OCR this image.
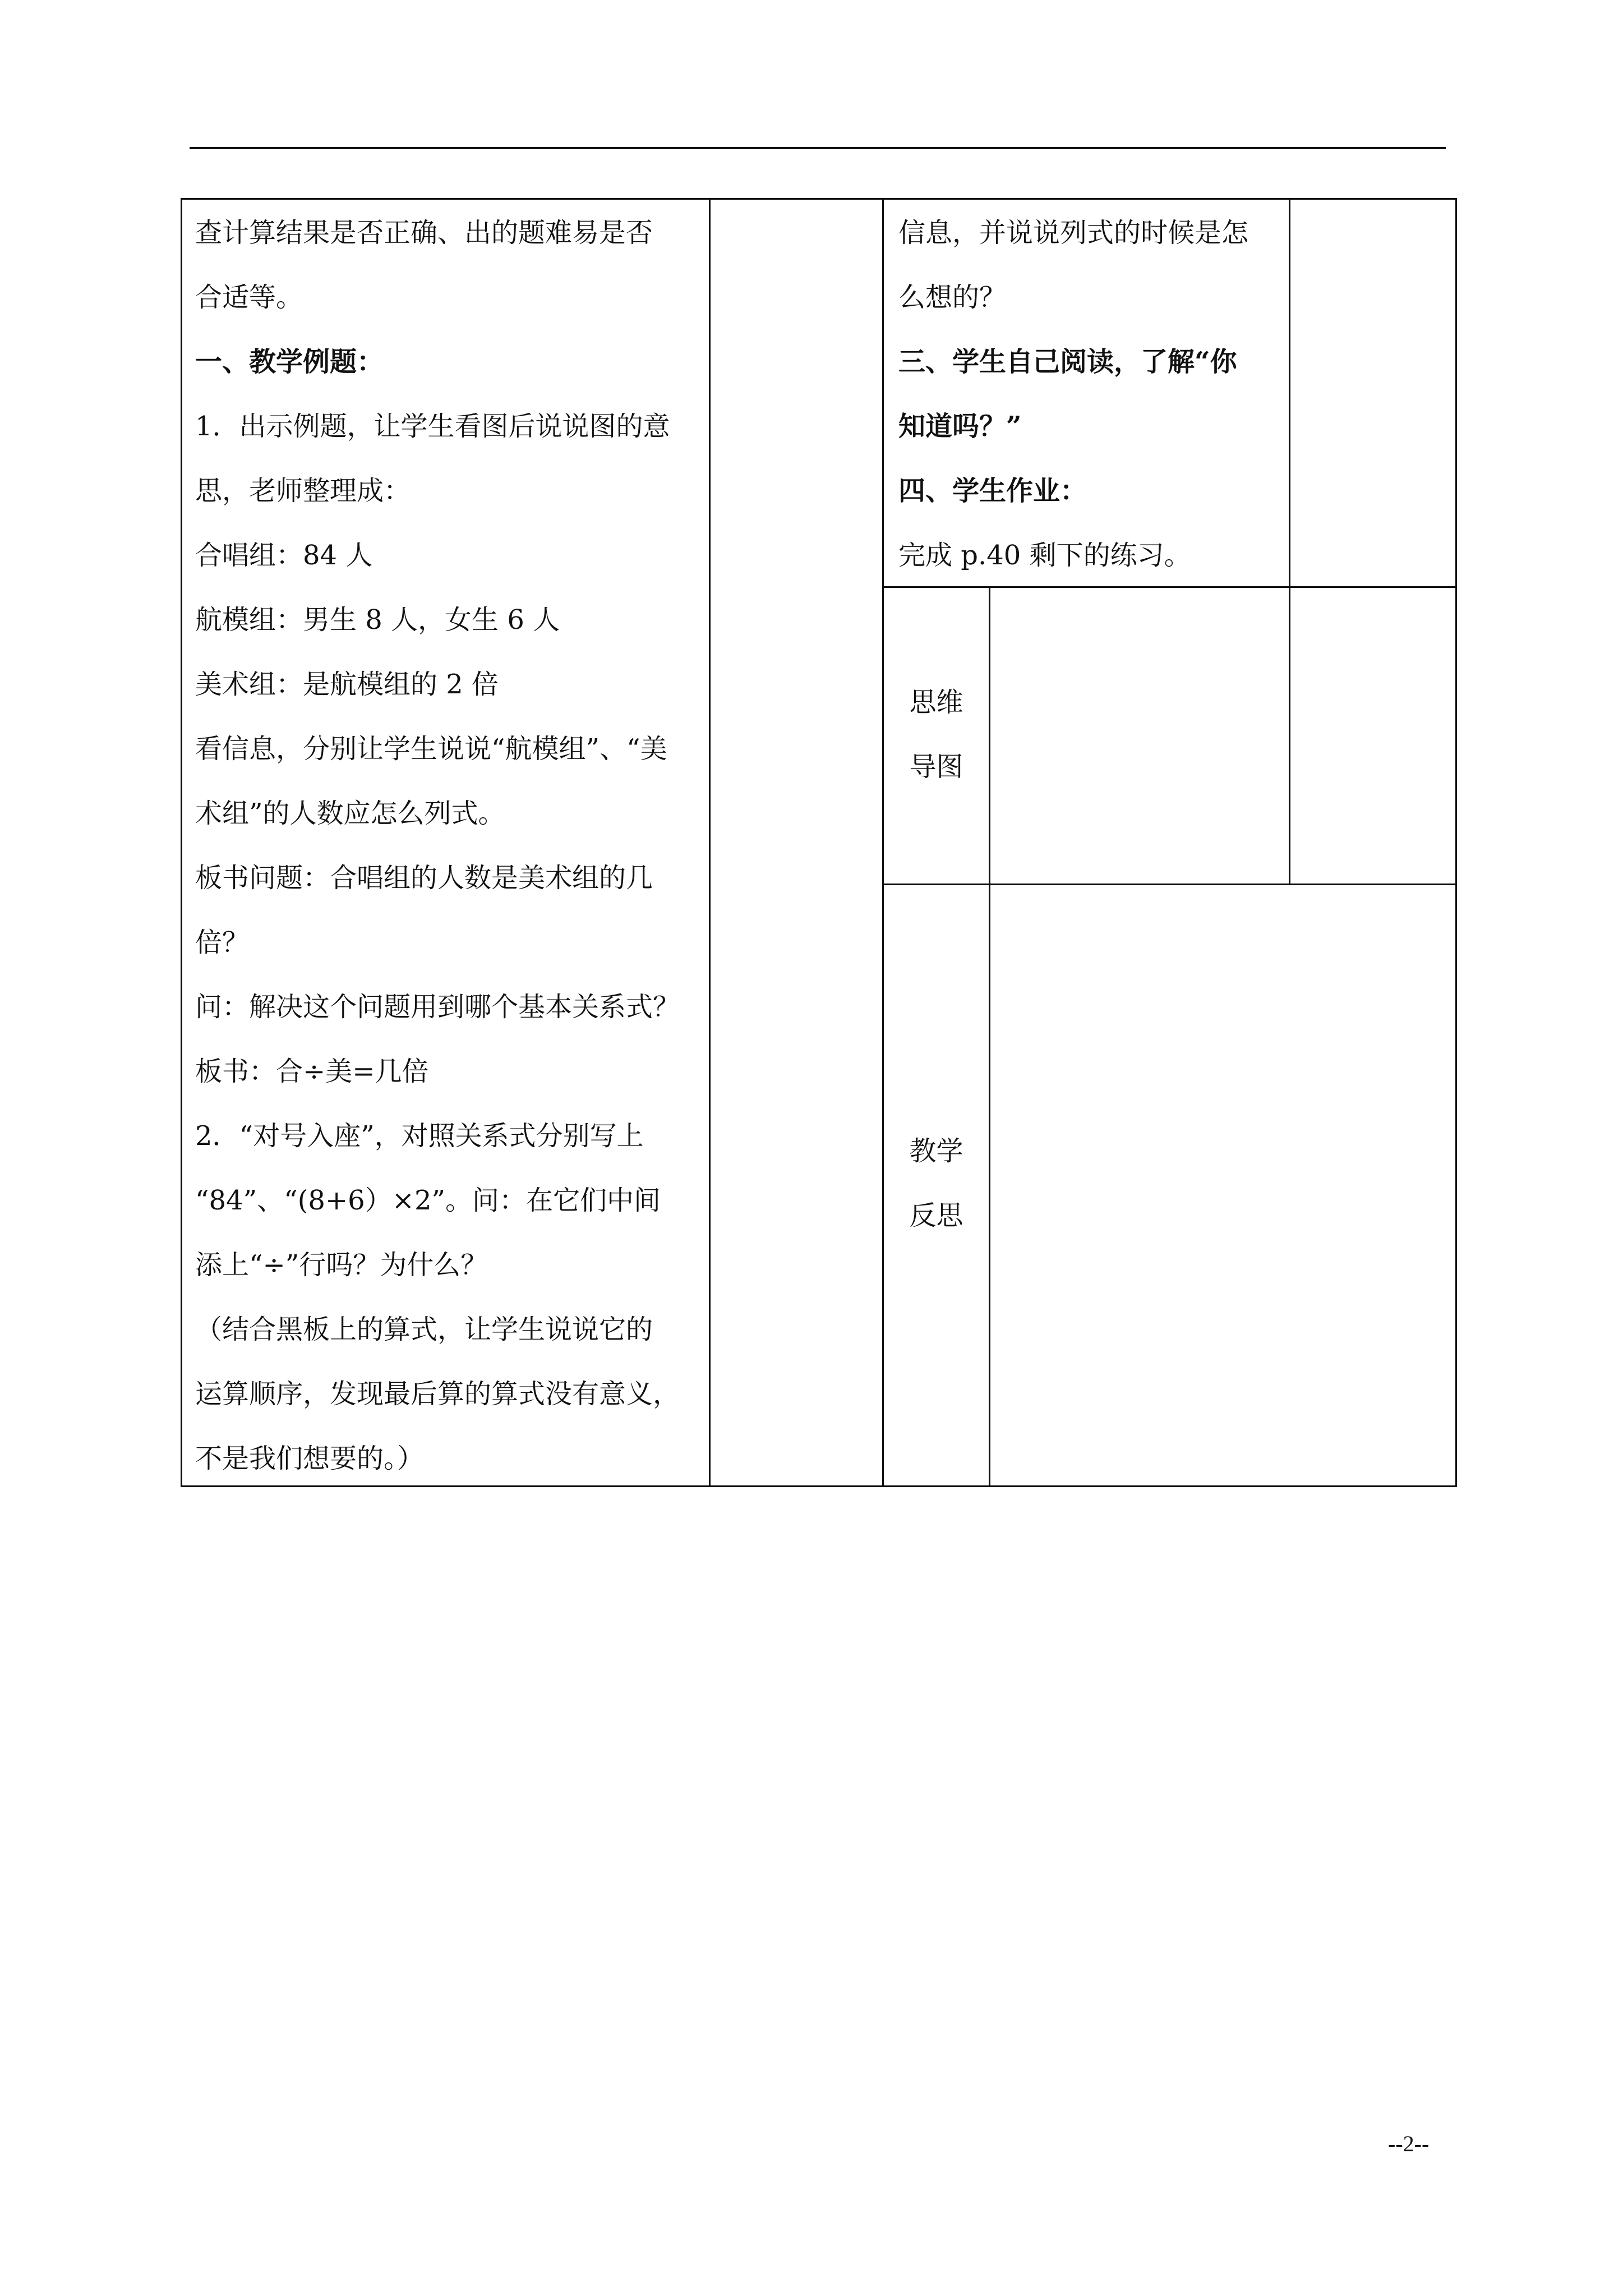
查计算结果是否正确、出的题难易是否

合适等。

一、教学例题：

1．出示例题，让学生看图后说说图的意

思，老师整理成：

合唱组：84 人

航模组：男生 8 人，女生 6 人

美术组：是航模组的 2 倍

看信息，分别让学生说说“航模组”、“美

术组”的人数应怎么列式。

板书问题：合唱组的人数是美术组的几

倍？

问：解决这个问题用到哪个基本关系式？

板书：合÷美=几倍

2．“对号入座”，对照关系式分别写上

“84”、“(8+6）×2”。问：在它们中间

添上“÷”行吗？为什么？

（结合黑板上的算式，让学生说说它的

运算顺序，发现最后算的算式没有意义，

不是我们想要的。）

信息，并说说列式的时候是怎

么想的？

三、学生自己阅读，了解“你

知道吗？”

四、学生作业：

完成 p.40 剩下的练习。

思维

导图

教学

反思

--2--
